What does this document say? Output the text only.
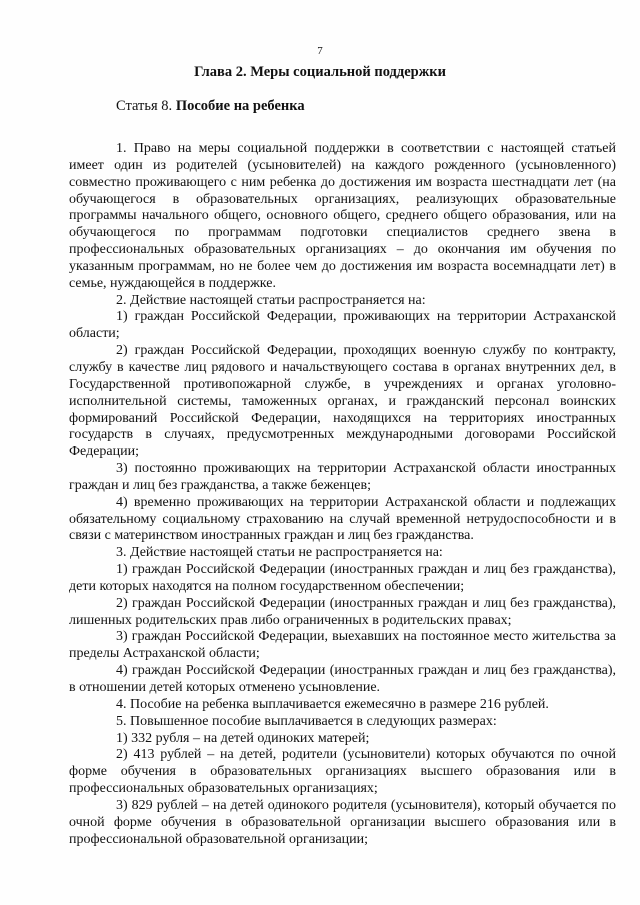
7
Глава 2. Меры социальной поддержки
Статья 8. Пособие на ребенка

1. Право на меры социальной поддержки в соответствии с настоящей статьей имеет один из родителей (усыновителей) на каждого рожденного (усыновленного) совместно проживающего с ним ребенка до достижения им возраста шестнадцати лет (на обучающегося в образовательных организациях, реализующих образовательные программы начального общего, основного общего, среднего общего образования, или на обучающегося по программам подготовки специалистов среднего звена в профессиональных образовательных организациях – до окончания им обучения по указанным программам, но не более чем до достижения им возраста восемнадцати лет) в семье, нуждающейся в поддержке.

2. Действие настоящей статьи распространяется на:

1) граждан Российской Федерации, проживающих на территории Астраханской области;

2) граждан Российской Федерации, проходящих военную службу по контракту, службу в качестве лиц рядового и начальствующего состава в органах внутренних дел, в Государственной противопожарной службе, в учреждениях и органах уголовно-исполнительной системы, таможенных органах, и гражданский персонал воинских формирований Российской Федерации, находящихся на территориях иностранных государств в случаях, предусмотренных международными договорами Российской Федерации;

3) постоянно проживающих на территории Астраханской области иностранных граждан и лиц без гражданства, а также беженцев;

4) временно проживающих на территории Астраханской области и подлежащих обязательному социальному страхованию на случай временной нетрудоспособности и в связи с материнством иностранных граждан и лиц без гражданства.

3. Действие настоящей статьи не распространяется на:

1) граждан Российской Федерации (иностранных граждан и лиц без гражданства), дети которых находятся на полном государственном обеспечении;

2) граждан Российской Федерации (иностранных граждан и лиц без гражданства), лишенных родительских прав либо ограниченных в родительских правах;

3) граждан Российской Федерации, выехавших на постоянное место жительства за пределы Астраханской области;

4) граждан Российской Федерации (иностранных граждан и лиц без гражданства), в отношении детей которых отменено усыновление.

4. Пособие на ребенка выплачивается ежемесячно в размере 216 рублей.

5. Повышенное пособие выплачивается в следующих размерах:

1) 332 рубля – на детей одиноких матерей;

2) 413 рублей – на детей, родители (усыновители) которых обучаются по очной форме обучения в образовательных организациях высшего образования или в профессиональных образовательных организациях;

3) 829 рублей – на детей одинокого родителя (усыновителя), который обучается по очной форме обучения в образовательной организации высшего образования или в профессиональной образовательной организации;
